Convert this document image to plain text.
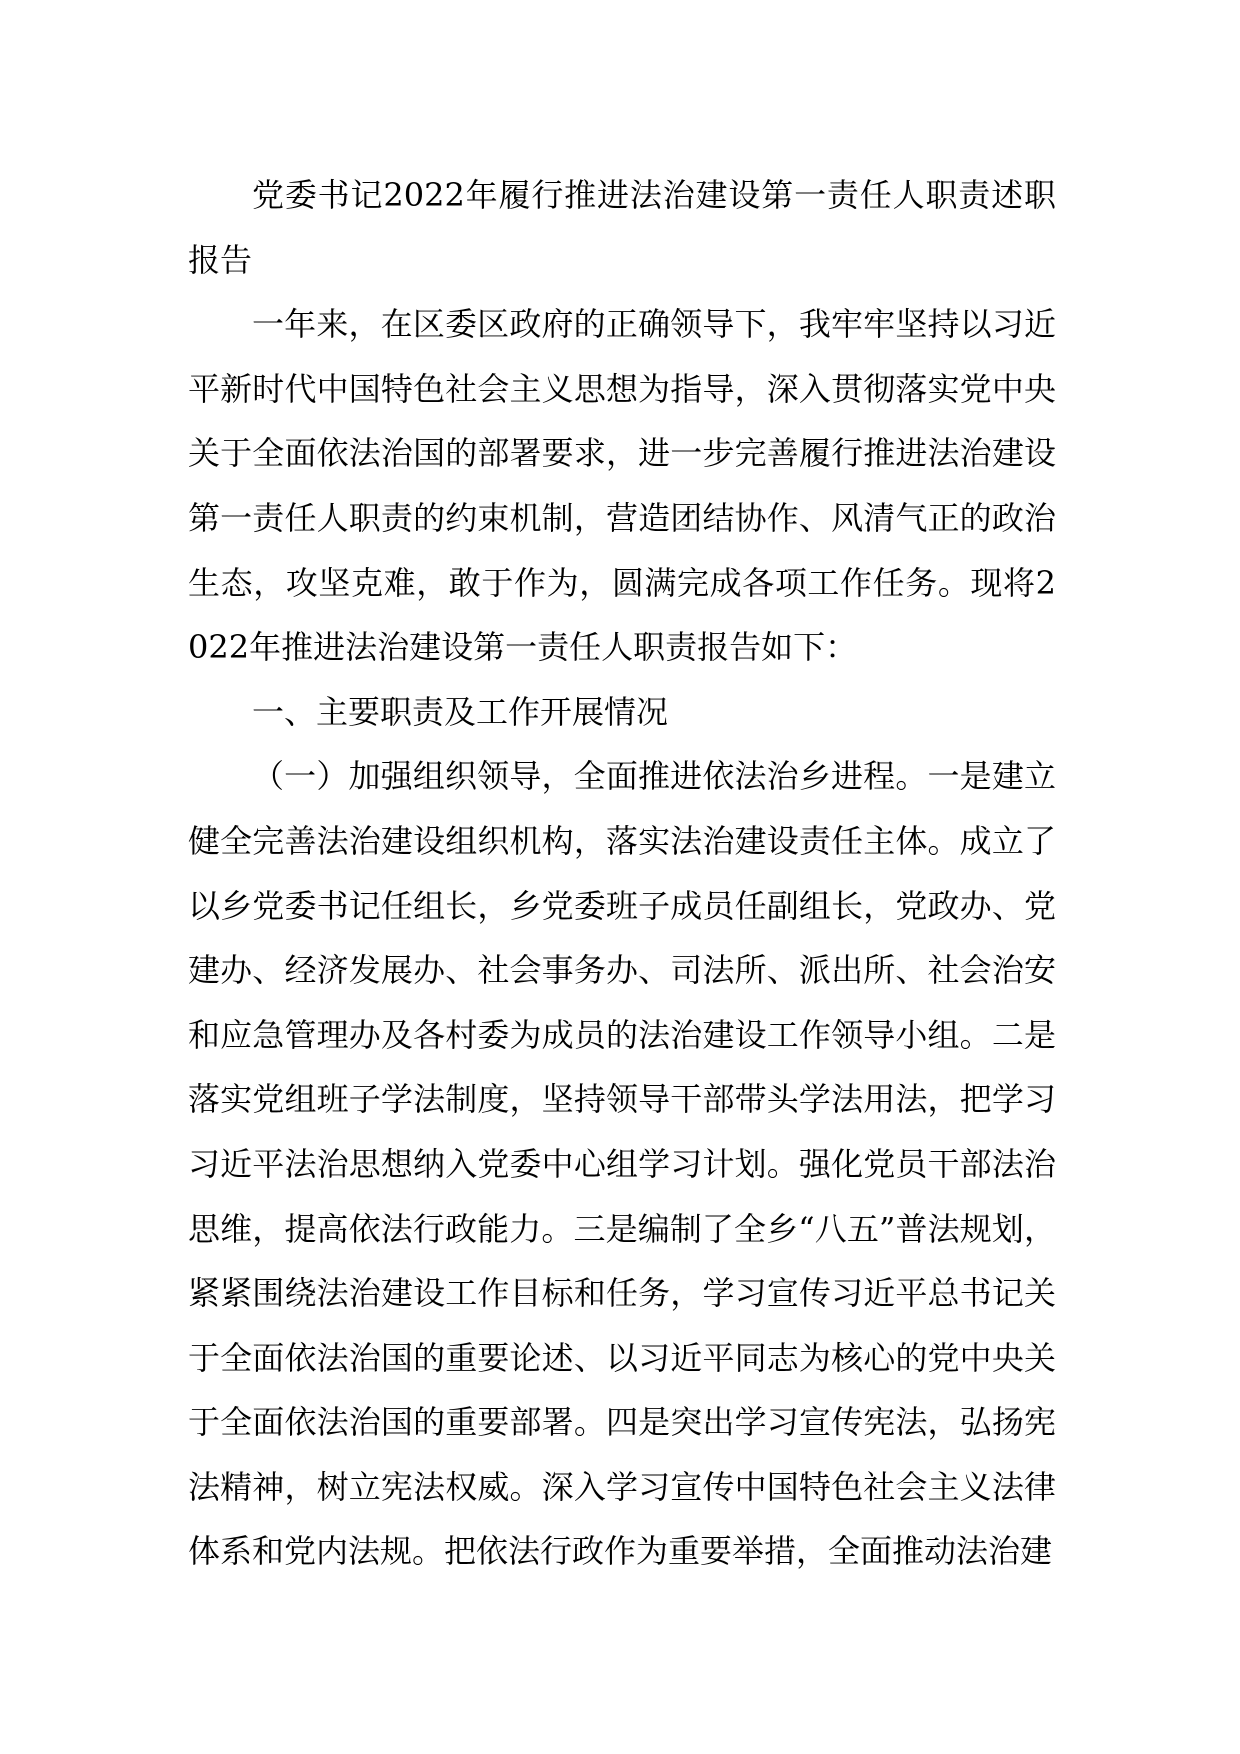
党委书记2022年履行推进法治建设第一责任人职责述职报告

一年来，在区委区政府的正确领导下，我牢牢坚持以习近平新时代中国特色社会主义思想为指导，深入贯彻落实党中央关于全面依法治国的部署要求，进一步完善履行推进法治建设第一责任人职责的约束机制，营造团结协作、风清气正的政治生态，攻坚克难，敢于作为，圆满完成各项工作任务。现将2022年推进法治建设第一责任人职责报告如下：

一、主要职责及工作开展情况

（一）加强组织领导，全面推进依法治乡进程。一是建立健全完善法治建设组织机构，落实法治建设责任主体。成立了以乡党委书记任组长，乡党委班子成员任副组长，党政办、党建办、经济发展办、社会事务办、司法所、派出所、社会治安和应急管理办及各村委为成员的法治建设工作领导小组。二是落实党组班子学法制度，坚持领导干部带头学法用法，把学习习近平法治思想纳入党委中心组学习计划。强化党员干部法治思维，提高依法行政能力。三是编制了全乡“八五”普法规划，紧紧围绕法治建设工作目标和任务，学习宣传习近平总书记关于全面依法治国的重要论述、以习近平同志为核心的党中央关于全面依法治国的重要部署。四是突出学习宣传宪法，弘扬宪法精神，树立宪法权威。深入学习宣传中国特色社会主义法律体系和党内法规。把依法行政作为重要举措，全面推动法治建
